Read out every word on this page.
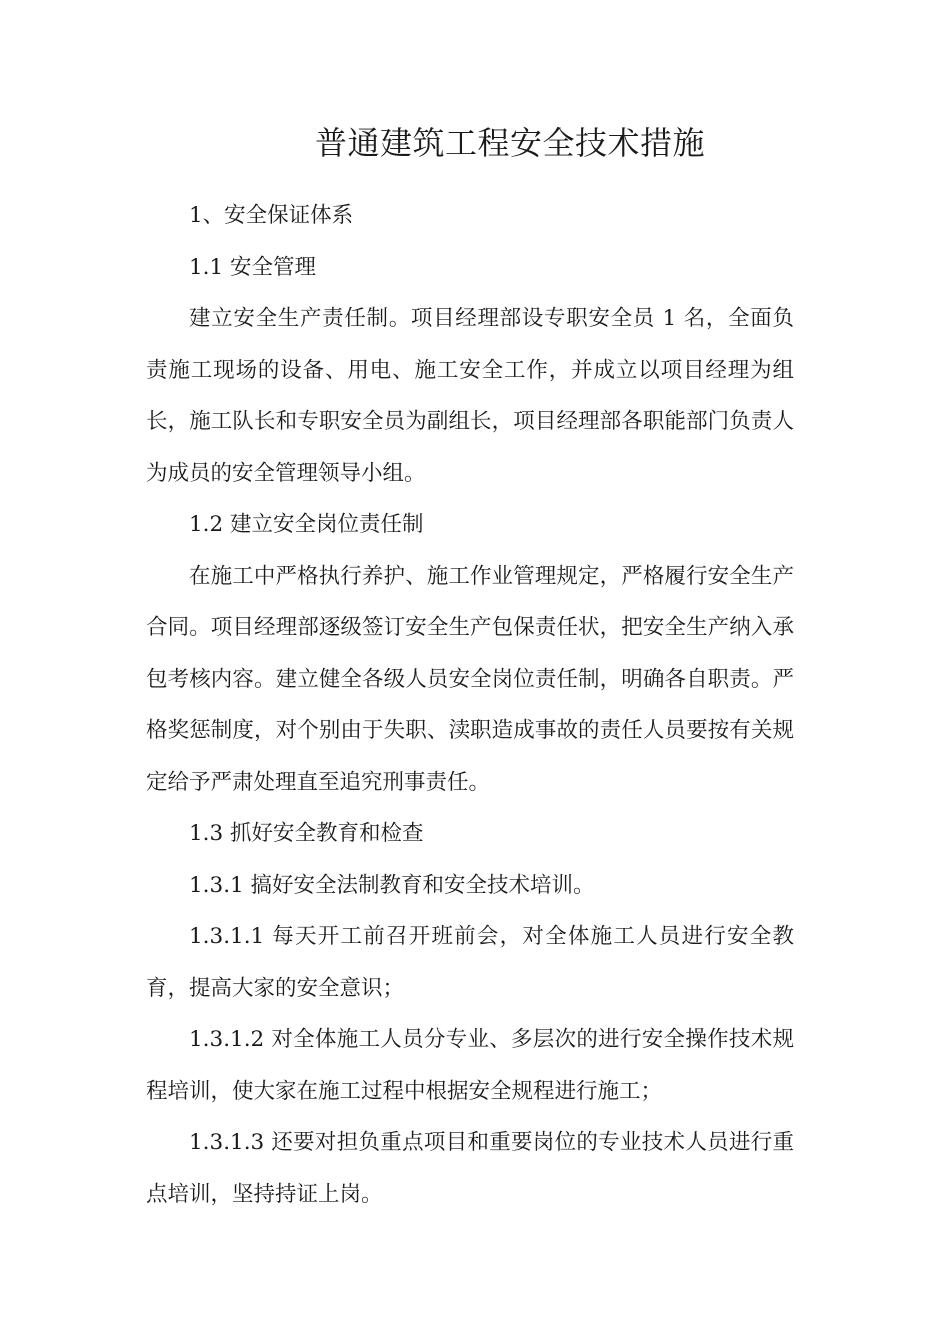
普通建筑工程安全技术措施

1、安全保证体系

1.1 安全管理

建立安全生产责任制。项目经理部设专职安全员 1 名，全面负责施工现场的设备、用电、施工安全工作，并成立以项目经理为组长，施工队长和专职安全员为副组长，项目经理部各职能部门负责人为成员的安全管理领导小组。

1.2 建立安全岗位责任制

在施工中严格执行养护、施工作业管理规定，严格履行安全生产合同。项目经理部逐级签订安全生产包保责任状，把安全生产纳入承包考核内容。建立健全各级人员安全岗位责任制，明确各自职责。严格奖惩制度，对个别由于失职、渎职造成事故的责任人员要按有关规定给予严肃处理直至追究刑事责任。

1.3 抓好安全教育和检查

1.3.1 搞好安全法制教育和安全技术培训。

1.3.1.1 每天开工前召开班前会，对全体施工人员进行安全教育，提高大家的安全意识；

1.3.1.2 对全体施工人员分专业、多层次的进行安全操作技术规程培训，使大家在施工过程中根据安全规程进行施工；

1.3.1.3 还要对担负重点项目和重要岗位的专业技术人员进行重点培训，坚持持证上岗。
